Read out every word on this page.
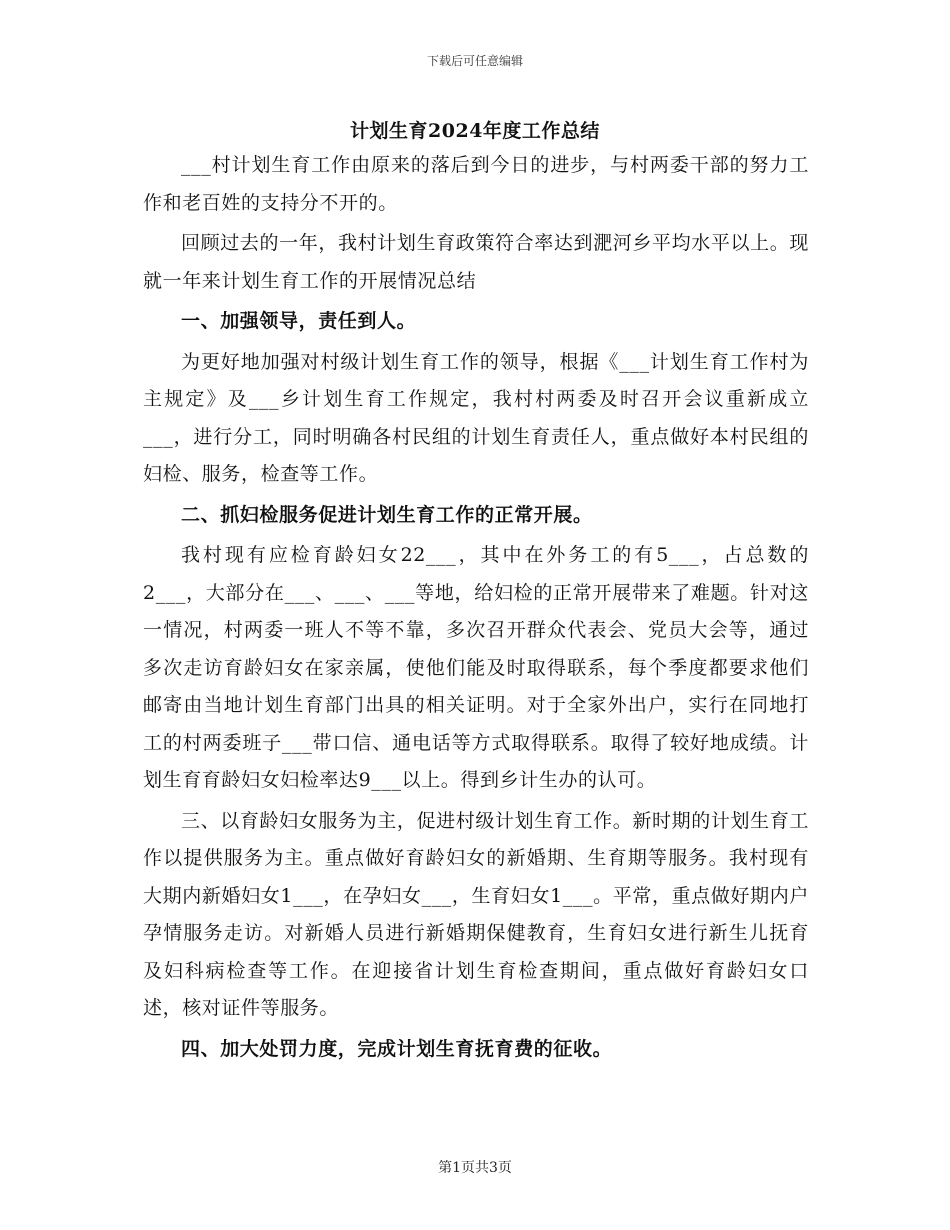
下载后可任意编辑
计划生育2024年度工作总结

___村计划生育工作由原来的落后到今日的进步，与村两委干部的努力工作和老百姓的支持分不开的。

回顾过去的一年，我村计划生育政策符合率达到淝河乡平均水平以上。现就一年来计划生育工作的开展情况总结

一、加强领导，责任到人。

为更好地加强对村级计划生育工作的领导，根据《___计划生育工作村为主规定》及___乡计划生育工作规定，我村村两委及时召开会议重新成立___，进行分工，同时明确各村民组的计划生育责任人，重点做好本村民组的妇检、服务，检查等工作。

二、抓妇检服务促进计划生育工作的正常开展。

我村现有应检育龄妇女22___，其中在外务工的有5___，占总数的2___，大部分在___、___、___等地，给妇检的正常开展带来了难题。针对这一情况，村两委一班人不等不靠，多次召开群众代表会、党员大会等，通过多次走访育龄妇女在家亲属，使他们能及时取得联系，每个季度都要求他们邮寄由当地计划生育部门出具的相关证明。对于全家外出户，实行在同地打工的村两委班子___带口信、通电话等方式取得联系。取得了较好地成绩。计划生育育龄妇女妇检率达9___以上。得到乡计生办的认可。

三、以育龄妇女服务为主，促进村级计划生育工作。新时期的计划生育工作以提供服务为主。重点做好育龄妇女的新婚期、生育期等服务。我村现有大期内新婚妇女1___，在孕妇女___，生育妇女1___。平常，重点做好期内户孕情服务走访。对新婚人员进行新婚期保健教育，生育妇女进行新生儿抚育及妇科病检查等工作。在迎接省计划生育检查期间，重点做好育龄妇女口述，核对证件等服务。

四、加大处罚力度，完成计划生育抚育费的征收。

第1页共3页
